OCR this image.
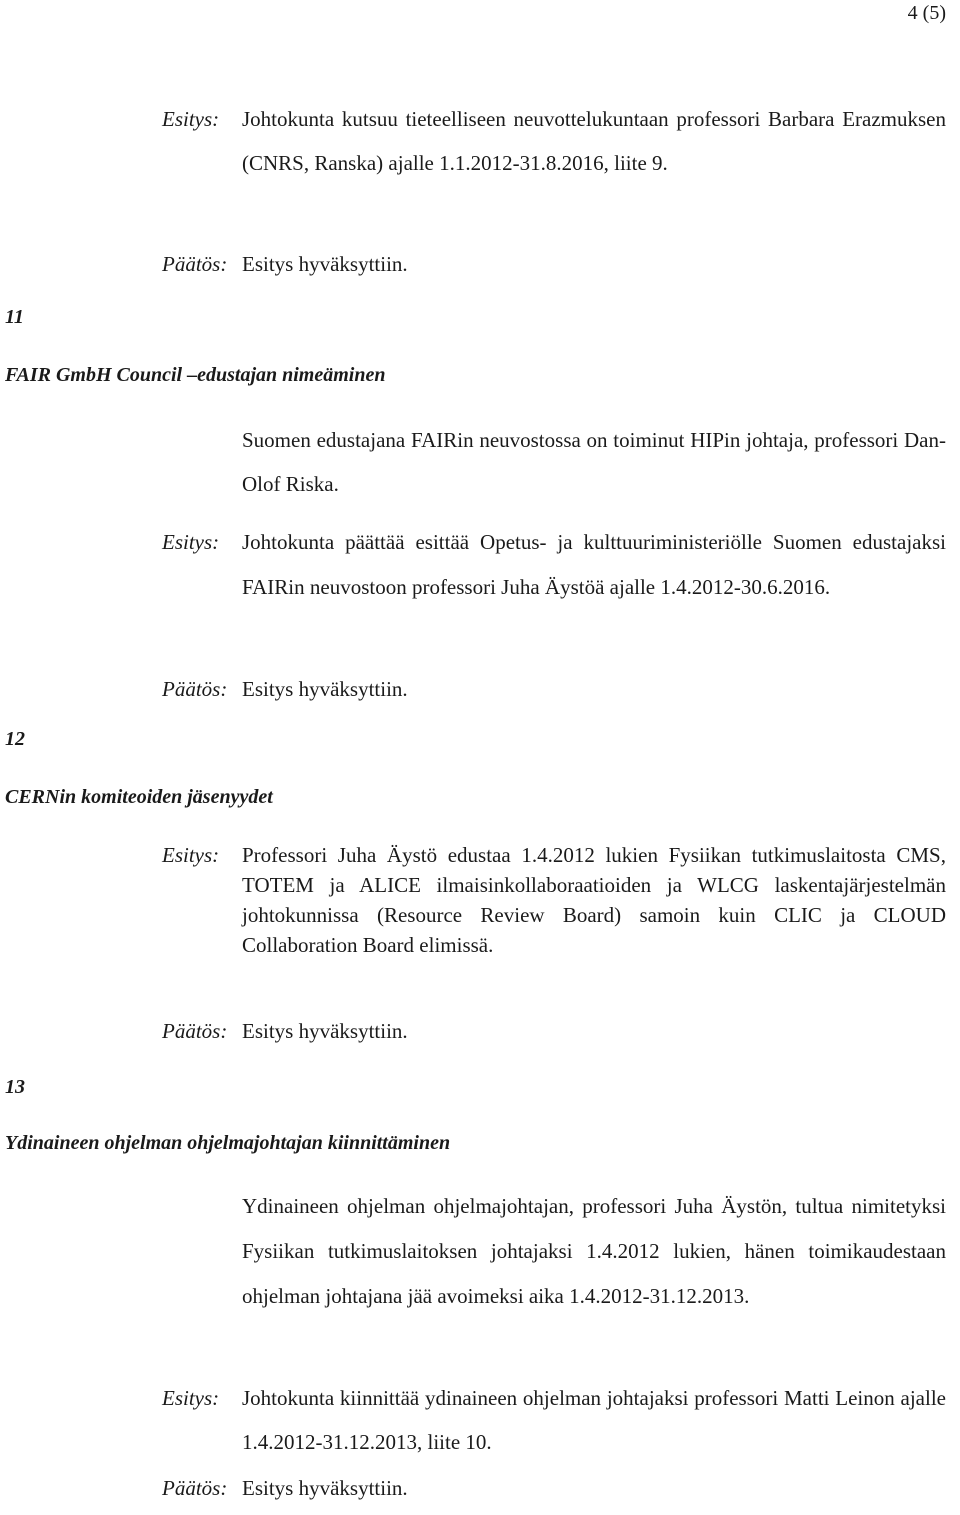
4 (5)
Esitys:	Johtokunta kutsuu tieteelliseen neuvottelukuntaan professori Barbara Erazmuksen (CNRS, Ranska) ajalle 1.1.2012-31.8.2016, liite 9.
Päätös: Esitys hyväksyttiin.
11
FAIR GmbH Council –edustajan nimeäminen
Suomen edustajana FAIRin neuvostossa on toiminut HIPin johtaja, professori Dan-Olof Riska.
Esitys:	Johtokunta päättää esittää Opetus- ja kulttuuriministeriölle Suomen edustajaksi FAIRin neuvostoon professori Juha Äystöä ajalle 1.4.2012-30.6.2016.
Päätös: Esitys hyväksyttiin.
12
CERNin komiteoiden jäsenyydet
Esitys:	Professori Juha Äystö edustaa 1.4.2012 lukien Fysiikan tutkimuslaitosta CMS, TOTEM ja ALICE ilmaisinkollaboraatioiden ja WLCG laskentajärjestelmän johtokunnissa (Resource Review Board) samoin kuin CLIC ja CLOUD Collaboration Board elimissä.
Päätös: Esitys hyväksyttiin.
13
Ydinaineen ohjelman ohjelmajohtajan kiinnittäminen
Ydinaineen ohjelman ohjelmajohtajan, professori Juha Äystön, tultua nimitetyksi Fysiikan tutkimuslaitoksen johtajaksi 1.4.2012 lukien, hänen toimikaudestaan ohjelman johtajana jää avoimeksi aika 1.4.2012-31.12.2013.
Esitys:	Johtokunta kiinnittää ydinaineen ohjelman johtajaksi professori Matti Leinon ajalle 1.4.2012-31.12.2013, liite 10.
Päätös: Esitys hyväksyttiin.
